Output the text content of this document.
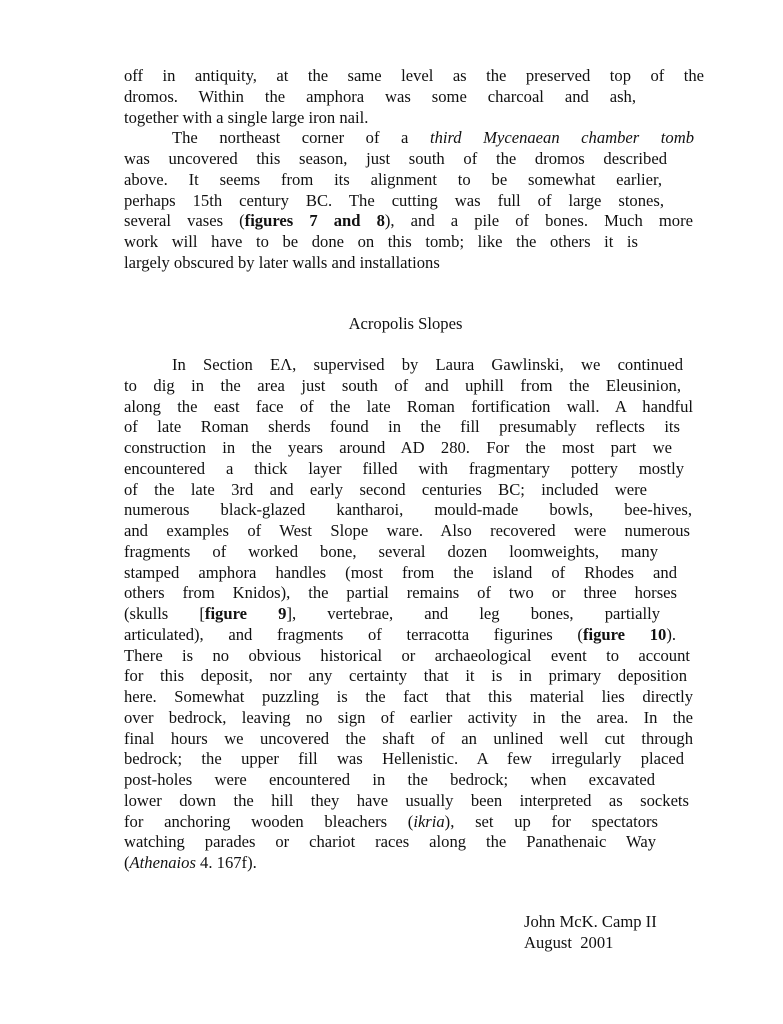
off in antiquity, at the same level as the preserved top of the
dromos. Within the amphora was some charcoal and ash,
together with a single large iron nail.
The northeast corner of a third Mycenaean chamber tomb
was uncovered this season, just south of the dromos described
above. It seems from its alignment to be somewhat earlier,
perhaps 15th century BC. The cutting was full of large stones,
several vases (figures 7 and 8), and a pile of bones. Much more
work will have to be done on this tomb; like the others it is
largely obscured by later walls and installations
Acropolis Slopes
In Section ΕΛ, supervised by Laura Gawlinski, we continued
to dig in the area just south of and uphill from the Eleusinion,
along the east face of the late Roman fortification wall. A handful
of late Roman sherds found in the fill presumably reflects its
construction in the years around AD 280. For the most part we
encountered a thick layer filled with fragmentary pottery mostly
of the late 3rd and early second centuries BC; included were
numerous black-glazed kantharoi, mould-made bowls, bee-hives,
and examples of West Slope ware. Also recovered were numerous
fragments of worked bone, several dozen loomweights, many
stamped amphora handles (most from the island of Rhodes and
others from Knidos), the partial remains of two or three horses
(skulls [figure 9], vertebrae, and leg bones, partially
articulated), and fragments of terracotta figurines (figure 10).
There is no obvious historical or archaeological event to account
for this deposit, nor any certainty that it is in primary deposition
here. Somewhat puzzling is the fact that this material lies directly
over bedrock, leaving no sign of earlier activity in the area. In the
final hours we uncovered the shaft of an unlined well cut through
bedrock; the upper fill was Hellenistic. A few irregularly placed
post-holes were encountered in the bedrock; when excavated
lower down the hill they have usually been interpreted as sockets
for anchoring wooden bleachers (ikria), set up for spectators
watching parades or chariot races along the Panathenaic Way
(Athenaios 4. 167f).
John McK. Camp II
August  2001
